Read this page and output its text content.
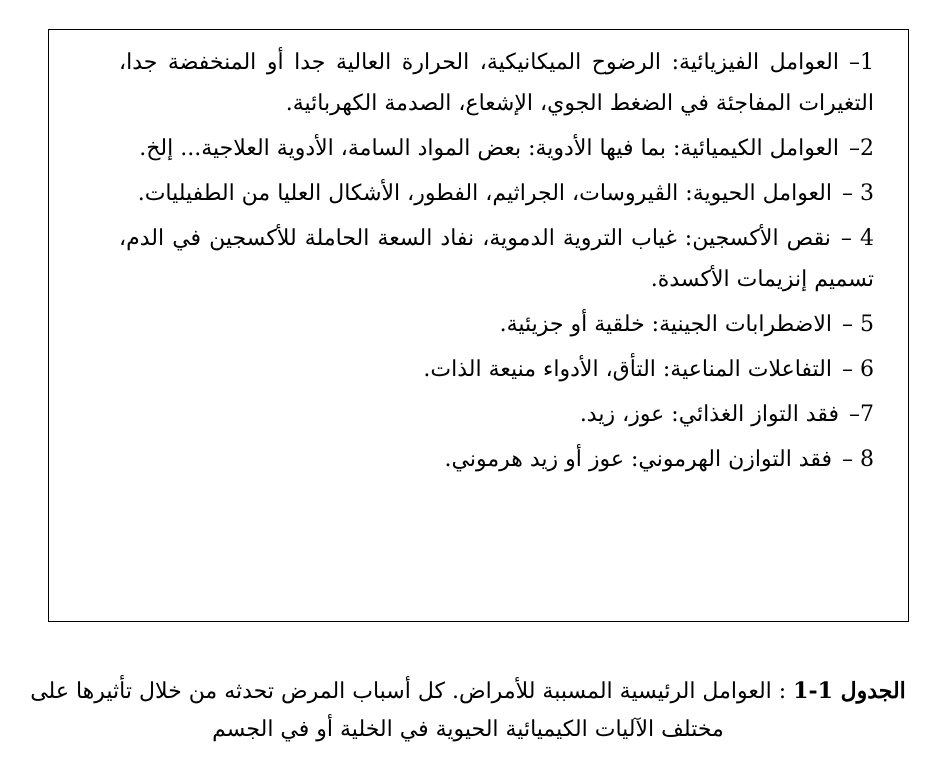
1–العوامل الفيزيائية: الرضوح الميكانيكية، الحرارة العالية جدا أو المنخفضة جدا، التغيرات المفاجئة في الضغط الجوي، الإشعاع، الصدمة الكهربائية.
2–العوامل الكيميائية: بما فيها الأدوية: بعض المواد السامة، الأدوية العلاجية... إلخ.
3 –العوامل الحيوية: الڤيروسات، الجراثيم، الفطور، الأشكال العليا من الطفيليات.
4 –نقص الأكسجين: غياب التروية الدموية، نفاد السعة الحاملة للأكسجين في الدم، تسميم إنزيمات الأكسدة.
5 –الاضطرابات الجينية: خلقية أو جزيئية.
6 –التفاعلات المناعية: التأق، الأدواء منيعة الذات.
7–فقد التواز الغذائي: عوز، زيد.
8 –فقد التوازن الهرموني: عوز أو زيد هرموني.
الجدول 1-1 : العوامل الرئيسية المسببة للأمراض. كل أسباب المرض تحدثه من خلال تأثيرها على مختلف الآليات الكيميائية الحيوية في الخلية أو في الجسم
